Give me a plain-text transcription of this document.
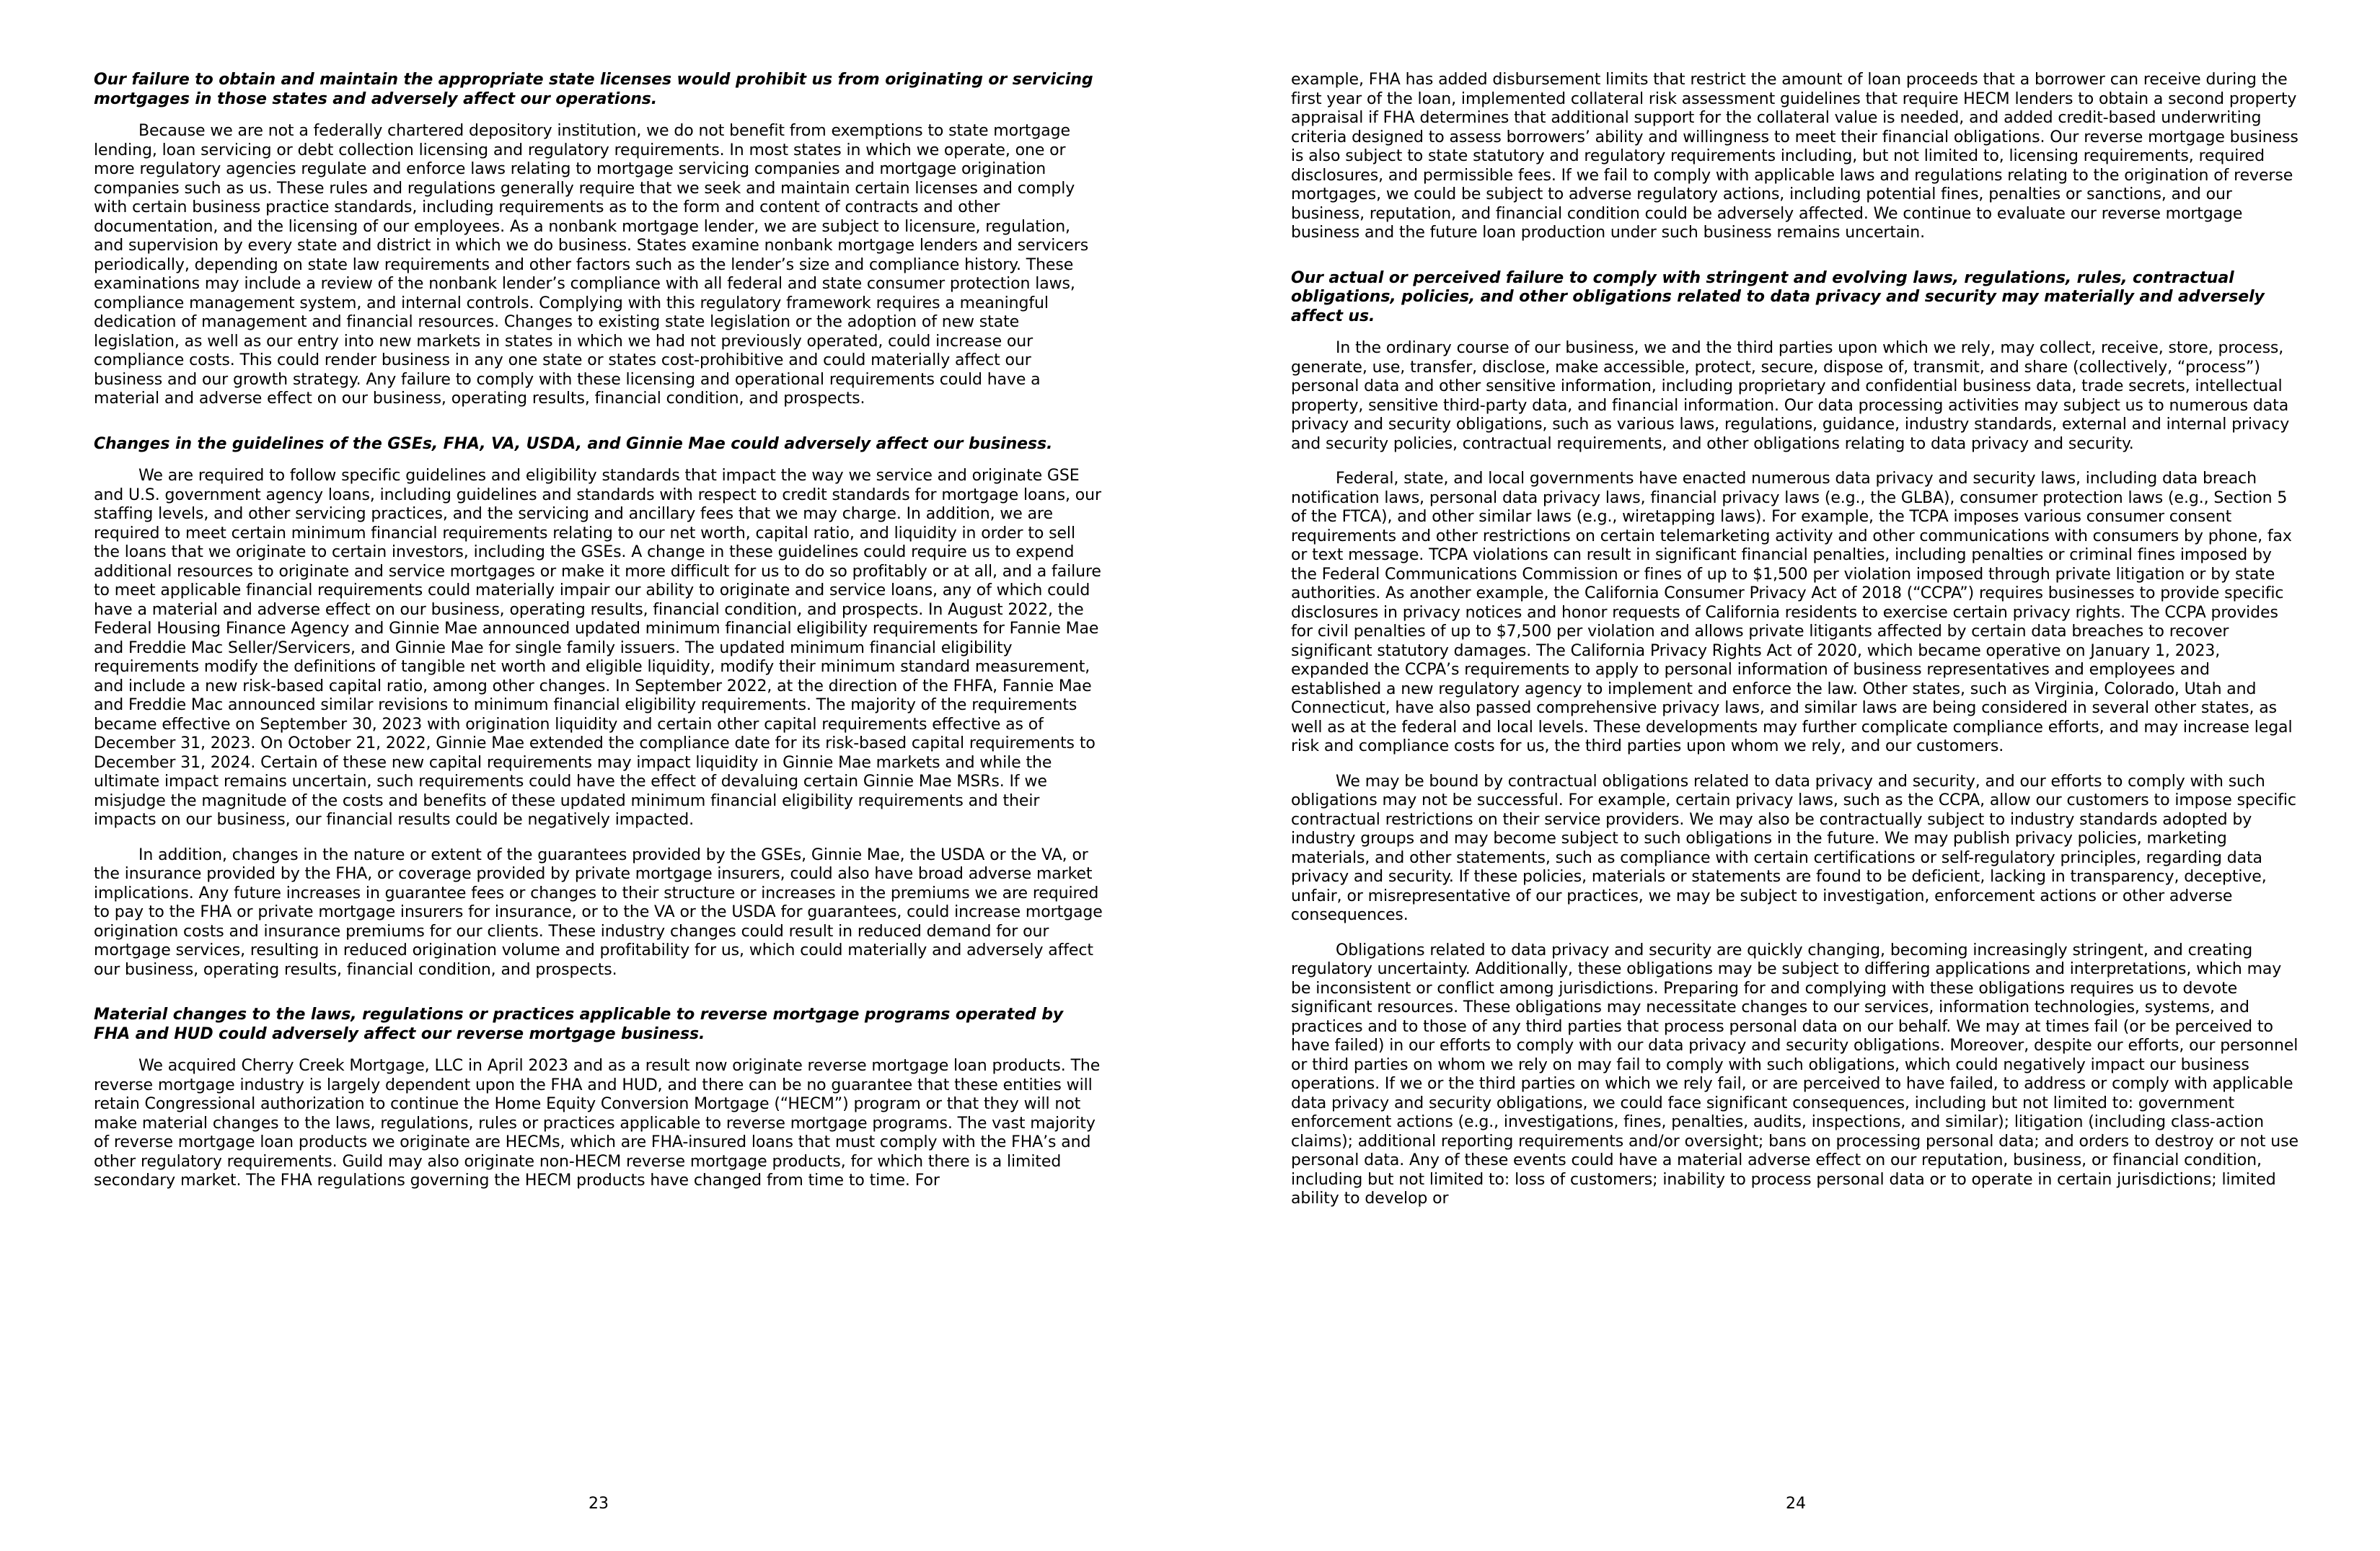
Our failure to obtain and maintain the appropriate state licenses would prohibit us from originating or servicing mortgages in those states and adversely affect our operations.

Because we are not a federally chartered depository institution, we do not benefit from exemptions to state mortgage lending, loan servicing or debt collection licensing and regulatory requirements. In most states in which we operate, one or more regulatory agencies regulate and enforce laws relating to mortgage servicing companies and mortgage origination companies such as us. These rules and regulations generally require that we seek and maintain certain licenses and comply with certain business practice standards, including requirements as to the form and content of contracts and other documentation, and the licensing of our employees. As a nonbank mortgage lender, we are subject to licensure, regulation, and supervision by every state and district in which we do business. States examine nonbank mortgage lenders and servicers periodically, depending on state law requirements and other factors such as the lender’s size and compliance history. These examinations may include a review of the nonbank lender’s compliance with all federal and state consumer protection laws, compliance management system, and internal controls. Complying with this regulatory framework requires a meaningful dedication of management and financial resources. Changes to existing state legislation or the adoption of new state legislation, as well as our entry into new markets in states in which we had not previously operated, could increase our compliance costs. This could render business in any one state or states cost-prohibitive and could materially affect our business and our growth strategy. Any failure to comply with these licensing and operational requirements could have a material and adverse effect on our business, operating results, financial condition, and prospects.

Changes in the guidelines of the GSEs, FHA, VA, USDA, and Ginnie Mae could adversely affect our business.

We are required to follow specific guidelines and eligibility standards that impact the way we service and originate GSE and U.S. government agency loans, including guidelines and standards with respect to credit standards for mortgage loans, our staffing levels, and other servicing practices, and the servicing and ancillary fees that we may charge. In addition, we are required to meet certain minimum financial requirements relating to our net worth, capital ratio, and liquidity in order to sell the loans that we originate to certain investors, including the GSEs. A change in these guidelines could require us to expend additional resources to originate and service mortgages or make it more difficult for us to do so profitably or at all, and a failure to meet applicable financial requirements could materially impair our ability to originate and service loans, any of which could have a material and adverse effect on our business, operating results, financial condition, and prospects. In August 2022, the Federal Housing Finance Agency and Ginnie Mae announced updated minimum financial eligibility requirements for Fannie Mae and Freddie Mac Seller/Servicers, and Ginnie Mae for single family issuers. The updated minimum financial eligibility requirements modify the definitions of tangible net worth and eligible liquidity, modify their minimum standard measurement, and include a new risk-based capital ratio, among other changes. In September 2022, at the direction of the FHFA, Fannie Mae and Freddie Mac announced similar revisions to minimum financial eligibility requirements. The majority of the requirements became effective on September 30, 2023 with origination liquidity and certain other capital requirements effective as of December 31, 2023. On October 21, 2022, Ginnie Mae extended the compliance date for its risk-based capital requirements to December 31, 2024. Certain of these new capital requirements may impact liquidity in Ginnie Mae markets and while the ultimate impact remains uncertain, such requirements could have the effect of devaluing certain Ginnie Mae MSRs. If we misjudge the magnitude of the costs and benefits of these updated minimum financial eligibility requirements and their impacts on our business, our financial results could be negatively impacted.

In addition, changes in the nature or extent of the guarantees provided by the GSEs, Ginnie Mae, the USDA or the VA, or the insurance provided by the FHA, or coverage provided by private mortgage insurers, could also have broad adverse market implications. Any future increases in guarantee fees or changes to their structure or increases in the premiums we are required to pay to the FHA or private mortgage insurers for insurance, or to the VA or the USDA for guarantees, could increase mortgage origination costs and insurance premiums for our clients. These industry changes could result in reduced demand for our mortgage services, resulting in reduced origination volume and profitability for us, which could materially and adversely affect our business, operating results, financial condition, and prospects.

Material changes to the laws, regulations or practices applicable to reverse mortgage programs operated by FHA and HUD could adversely affect our reverse mortgage business.

We acquired Cherry Creek Mortgage, LLC in April 2023 and as a result now originate reverse mortgage loan products. The reverse mortgage industry is largely dependent upon the FHA and HUD, and there can be no guarantee that these entities will retain Congressional authorization to continue the Home Equity Conversion Mortgage (“HECM”) program or that they will not make material changes to the laws, regulations, rules or practices applicable to reverse mortgage programs. The vast majority of reverse mortgage loan products we originate are HECMs, which are FHA-insured loans that must comply with the FHA’s and other regulatory requirements. Guild may also originate non-HECM reverse mortgage products, for which there is a limited secondary market. The FHA regulations governing the HECM products have changed from time to time. For

23

example, FHA has added disbursement limits that restrict the amount of loan proceeds that a borrower can receive during the first year of the loan, implemented collateral risk assessment guidelines that require HECM lenders to obtain a second property appraisal if FHA determines that additional support for the collateral value is needed, and added credit-based underwriting criteria designed to assess borrowers’ ability and willingness to meet their financial obligations. Our reverse mortgage business is also subject to state statutory and regulatory requirements including, but not limited to, licensing requirements, required disclosures, and permissible fees. If we fail to comply with applicable laws and regulations relating to the origination of reverse mortgages, we could be subject to adverse regulatory actions, including potential fines, penalties or sanctions, and our business, reputation, and financial condition could be adversely affected. We continue to evaluate our reverse mortgage business and the future loan production under such business remains uncertain.

Our actual or perceived failure to comply with stringent and evolving laws, regulations, rules, contractual obligations, policies, and other obligations related to data privacy and security may materially and adversely affect us.

In the ordinary course of our business, we and the third parties upon which we rely, may collect, receive, store, process, generate, use, transfer, disclose, make accessible, protect, secure, dispose of, transmit, and share (collectively, “process”) personal data and other sensitive information, including proprietary and confidential business data, trade secrets, intellectual property, sensitive third-party data, and financial information. Our data processing activities may subject us to numerous data privacy and security obligations, such as various laws, regulations, guidance, industry standards, external and internal privacy and security policies, contractual requirements, and other obligations relating to data privacy and security.

Federal, state, and local governments have enacted numerous data privacy and security laws, including data breach notification laws, personal data privacy laws, financial privacy laws (e.g., the GLBA), consumer protection laws (e.g., Section 5 of the FTCA), and other similar laws (e.g., wiretapping laws). For example, the TCPA imposes various consumer consent requirements and other restrictions on certain telemarketing activity and other communications with consumers by phone, fax or text message. TCPA violations can result in significant financial penalties, including penalties or criminal fines imposed by the Federal Communications Commission or fines of up to $1,500 per violation imposed through private litigation or by state authorities. As another example, the California Consumer Privacy Act of 2018 (“CCPA”) requires businesses to provide specific disclosures in privacy notices and honor requests of California residents to exercise certain privacy rights. The CCPA provides for civil penalties of up to $7,500 per violation and allows private litigants affected by certain data breaches to recover significant statutory damages. The California Privacy Rights Act of 2020, which became operative on January 1, 2023, expanded the CCPA’s requirements to apply to personal information of business representatives and employees and established a new regulatory agency to implement and enforce the law. Other states, such as Virginia, Colorado, Utah and Connecticut, have also passed comprehensive privacy laws, and similar laws are being considered in several other states, as well as at the federal and local levels. These developments may further complicate compliance efforts, and may increase legal risk and compliance costs for us, the third parties upon whom we rely, and our customers.

We may be bound by contractual obligations related to data privacy and security, and our efforts to comply with such obligations may not be successful. For example, certain privacy laws, such as the CCPA, allow our customers to impose specific contractual restrictions on their service providers. We may also be contractually subject to industry standards adopted by industry groups and may become subject to such obligations in the future. We may publish privacy policies, marketing materials, and other statements, such as compliance with certain certifications or self-regulatory principles, regarding data privacy and security. If these policies, materials or statements are found to be deficient, lacking in transparency, deceptive, unfair, or misrepresentative of our practices, we may be subject to investigation, enforcement actions or other adverse consequences.

Obligations related to data privacy and security are quickly changing, becoming increasingly stringent, and creating regulatory uncertainty. Additionally, these obligations may be subject to differing applications and interpretations, which may be inconsistent or conflict among jurisdictions. Preparing for and complying with these obligations requires us to devote significant resources. These obligations may necessitate changes to our services, information technologies, systems, and practices and to those of any third parties that process personal data on our behalf. We may at times fail (or be perceived to have failed) in our efforts to comply with our data privacy and security obligations. Moreover, despite our efforts, our personnel or third parties on whom we rely on may fail to comply with such obligations, which could negatively impact our business operations. If we or the third parties on which we rely fail, or are perceived to have failed, to address or comply with applicable data privacy and security obligations, we could face significant consequences, including but not limited to: government enforcement actions (e.g., investigations, fines, penalties, audits, inspections, and similar); litigation (including class-action claims); additional reporting requirements and/or oversight; bans on processing personal data; and orders to destroy or not use personal data. Any of these events could have a material adverse effect on our reputation, business, or financial condition, including but not limited to: loss of customers; inability to process personal data or to operate in certain jurisdictions; limited ability to develop or

24
